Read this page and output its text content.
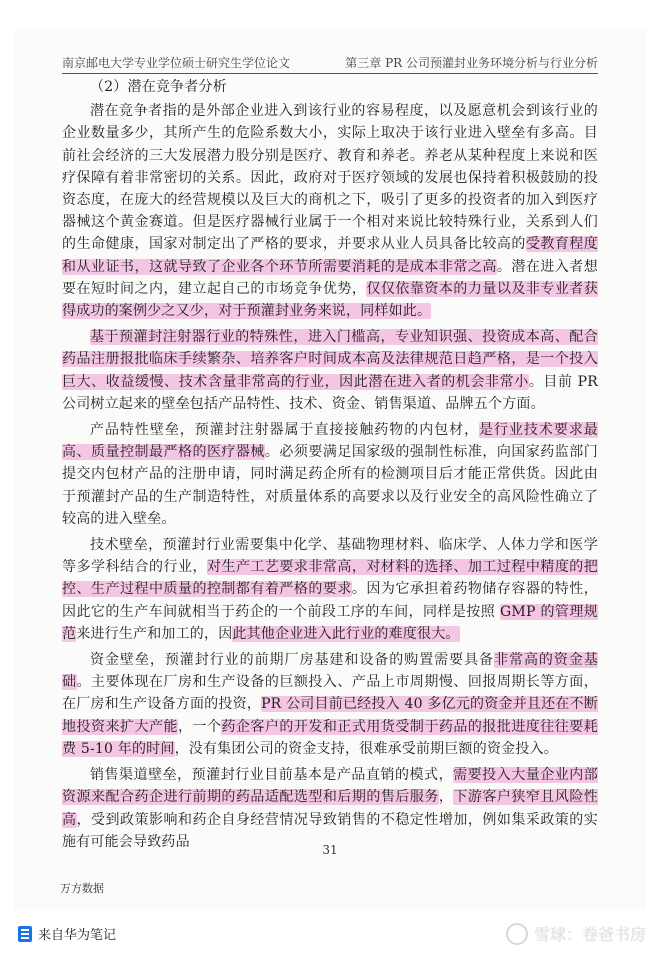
南京邮电大学专业学位硕士研究生学位论文	第三章 PR 公司预灌封业务环境分析与行业分析

（2）潜在竞争者分析

潜在竞争者指的是外部企业进入到该行业的容易程度，以及愿意机会到该行业的企业数量多少，其所产生的危险系数大小，实际上取决于该行业进入壁垒有多高。目前社会经济的三大发展潜力股分别是医疗、教育和养老。养老从某种程度上来说和医疗保障有着非常密切的关系。因此，政府对于医疗领域的发展也保持着积极鼓励的投资态度，在庞大的经营规模以及巨大的商机之下，吸引了更多的投资者的加入到医疗器械这个黄金赛道。但是医疗器械行业属于一个相对来说比较特殊行业，关系到人们的生命健康，国家对制定出了严格的要求，并要求从业人员具备比较高的受教育程度和从业证书，这就导致了企业各个环节所需要消耗的是成本非常之高。潜在进入者想要在短时间之内，建立起自己的市场竞争优势，仅仅依靠资本的力量以及非专业者获得成功的案例少之又少，对于预灌封业务来说，同样如此。

基于预灌封注射器行业的特殊性，进入门槛高，专业知识强、投资成本高、配合药品注册报批临床手续繁杂、培养客户时间成本高及法律规范日趋严格，是一个投入巨大、收益缓慢、技术含量非常高的行业，因此潜在进入者的机会非常小。目前 PR 公司树立起来的壁垒包括产品特性、技术、资金、销售渠道、品牌五个方面。

产品特性壁垒，预灌封注射器属于直接接触药物的内包材，是行业技术要求最高、质量控制最严格的医疗器械。必须要满足国家级的强制性标准，向国家药监部门提交内包材产品的注册申请，同时满足药企所有的检测项目后才能正常供货。因此由于预灌封产品的生产制造特性，对质量体系的高要求以及行业安全的高风险性确立了较高的进入壁垒。

技术壁垒，预灌封行业需要集中化学、基础物理材料、临床学、人体力学和医学等多学科结合的行业，对生产工艺要求非常高，对材料的选择、加工过程中精度的把控、生产过程中质量的控制都有着严格的要求。因为它承担着药物储存容器的特性，因此它的生产车间就相当于药企的一个前段工序的车间，同样是按照 GMP 的管理规范来进行生产和加工的，因此其他企业进入此行业的难度很大。

资金壁垒，预灌封行业的前期厂房基建和设备的购置需要具备非常高的资金基础。主要体现在厂房和生产设备的巨额投入、产品上市周期慢、回报周期长等方面，在厂房和生产设备方面的投资，PR 公司目前已经投入 40 多亿元的资金并且还在不断地投资来扩大产能，一个药企客户的开发和正式用货受制于药品的报批进度往往要耗费 5-10 年的时间，没有集团公司的资金支持，很难承受前期巨额的资金投入。

销售渠道壁垒，预灌封行业目前基本是产品直销的模式，需要投入大量企业内部资源来配合药企进行前期的药品适配选型和后期的售后服务，下游客户狭窄且风险性高，受到政策影响和药企自身经营情况导致销售的不稳定性增加，例如集采政策的实施有可能会导致药品

31
万方数据
来自华为笔记	雪球：卷爸书房
